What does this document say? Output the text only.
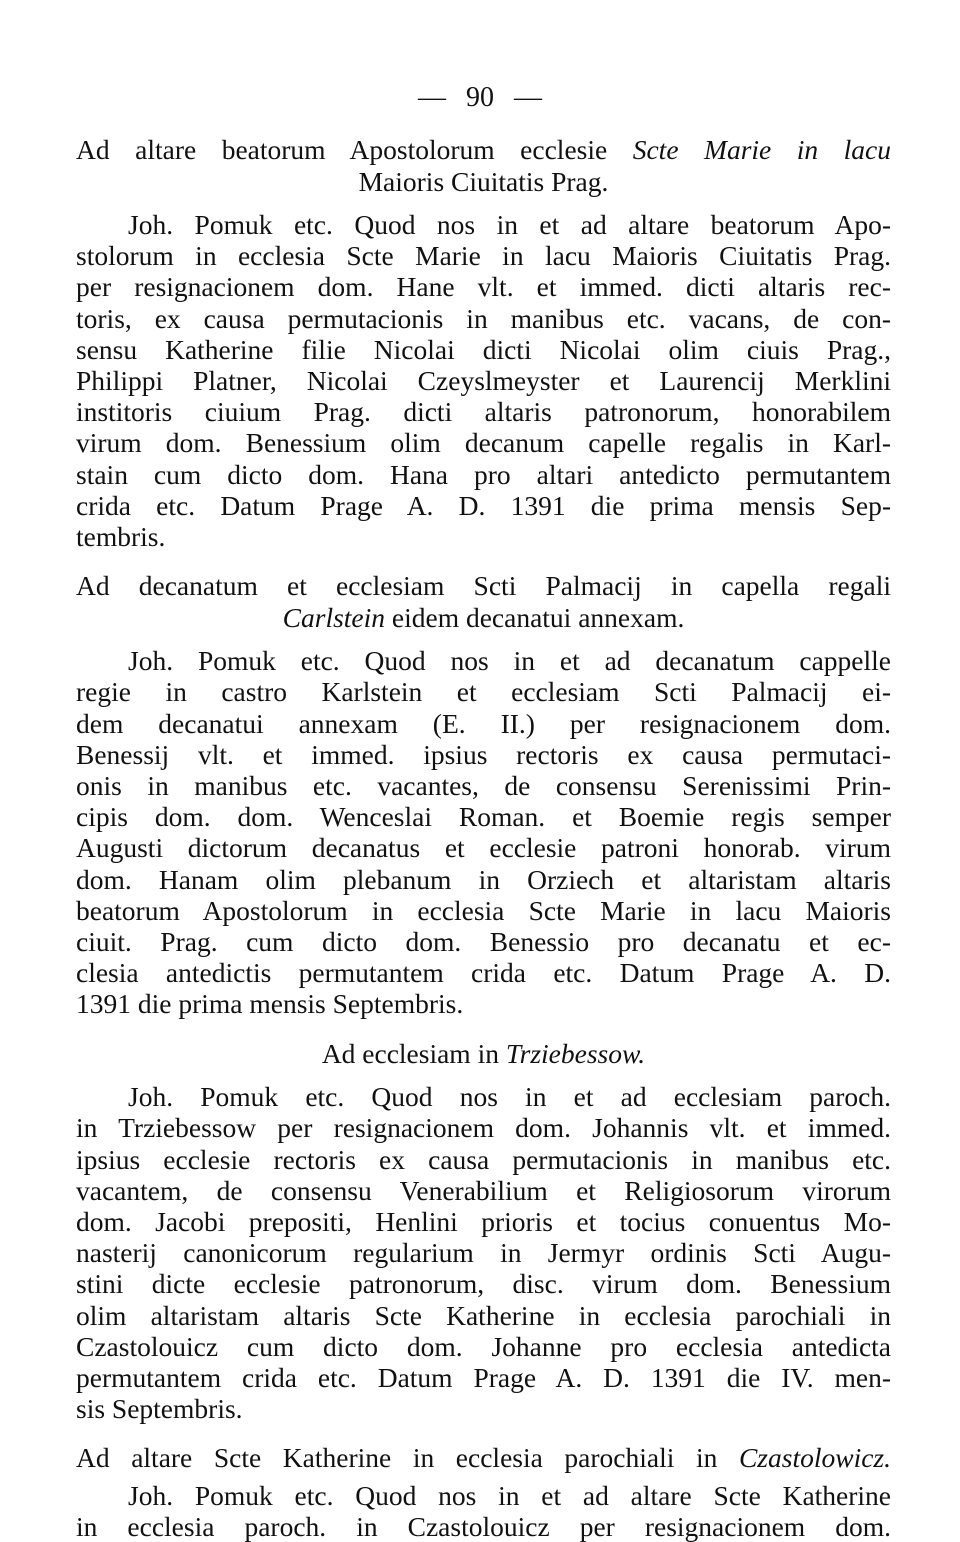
— 90 —
Ad altare beatorum Apostolorum ecclesie Scte Marie in lacu
Maioris Ciuitatis Prag.
Joh. Pomuk etc. Quod nos in et ad altare beatorum Apo-
stolorum in ecclesia Scte Marie in lacu Maioris Ciuitatis Prag.
per resignacionem dom. Hane vlt. et immed. dicti altaris rec-
toris, ex causa permutacionis in manibus etc. vacans, de con-
sensu Katherine filie Nicolai dicti Nicolai olim ciuis Prag.,
Philippi Platner, Nicolai Czeyslmeyster et Laurencij Merklini
institoris ciuium Prag. dicti altaris patronorum, honorabilem
virum dom. Benessium olim decanum capelle regalis in Karl-
stain cum dicto dom. Hana pro altari antedicto permutantem
crida etc. Datum Prage A. D. 1391 die prima mensis Sep-
tembris.
Ad decanatum et ecclesiam Scti Palmacij in capella regali
Carlstein eidem decanatui annexam.
Joh. Pomuk etc. Quod nos in et ad decanatum cappelle
regie in castro Karlstein et ecclesiam Scti Palmacij ei-
dem decanatui annexam (E. II.) per resignacionem dom.
Benessij vlt. et immed. ipsius rectoris ex causa permutaci-
onis in manibus etc. vacantes, de consensu Serenissimi Prin-
cipis dom. dom. Wenceslai Roman. et Boemie regis semper
Augusti dictorum decanatus et ecclesie patroni honorab. virum
dom. Hanam olim plebanum in Orziech et altaristam altaris
beatorum Apostolorum in ecclesia Scte Marie in lacu Maioris
ciuit. Prag. cum dicto dom. Benessio pro decanatu et ec-
clesia antedictis permutantem crida etc. Datum Prage A. D.
1391 die prima mensis Septembris.
Ad ecclesiam in Trziebessow.
Joh. Pomuk etc. Quod nos in et ad ecclesiam paroch.
in Trziebessow per resignacionem dom. Johannis vlt. et immed.
ipsius ecclesie rectoris ex causa permutacionis in manibus etc.
vacantem, de consensu Venerabilium et Religiosorum virorum
dom. Jacobi prepositi, Henlini prioris et tocius conuentus Mo-
nasterij canonicorum regularium in Jermyr ordinis Scti Augu-
stini dicte ecclesie patronorum, disc. virum dom. Benessium
olim altaristam altaris Scte Katherine in ecclesia parochiali in
Czastolouicz cum dicto dom. Johanne pro ecclesia antedicta
permutantem crida etc. Datum Prage A. D. 1391 die IV. men-
sis Septembris.
Ad altare Scte Katherine in ecclesia parochiali in Czastolowicz.
Joh. Pomuk etc. Quod nos in et ad altare Scte Katherine
in ecclesia paroch. in Czastolouicz per resignacionem dom.
